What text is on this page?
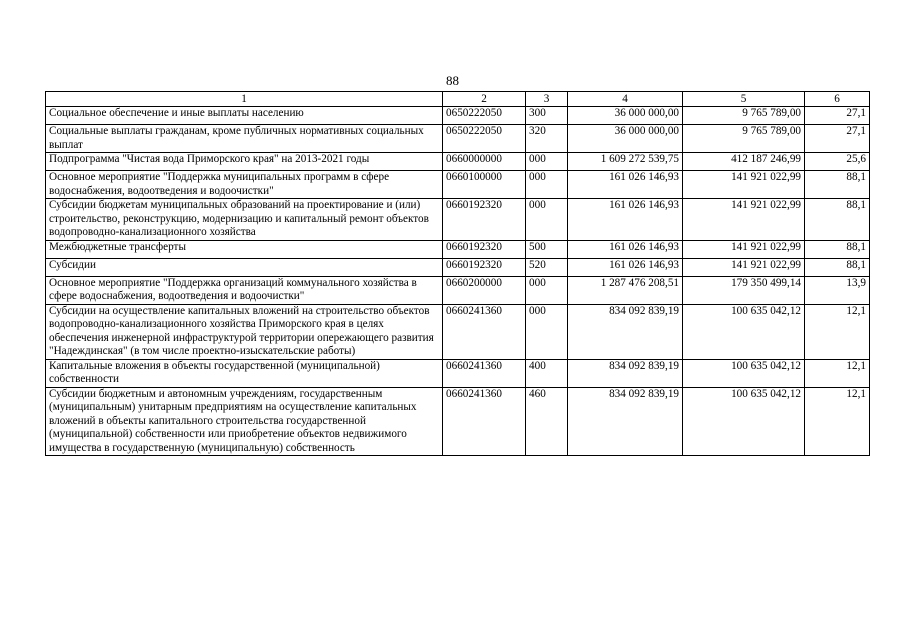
88
1	2	3	4	5	6
Социальное обеспечение и иные выплаты населению	0650222050	300	36 000 000,00	9 765 789,00	27,1
Социальные выплаты гражданам, кроме публичных нормативных социальных выплат	0650222050	320	36 000 000,00	9 765 789,00	27,1
Подпрограмма "Чистая вода Приморского края" на 2013-2021 годы	0660000000	000	1 609 272 539,75	412 187 246,99	25,6
Основное мероприятие "Поддержка муниципальных программ в сфере водоснабжения, водоотведения и водоочистки"	0660100000	000	161 026 146,93	141 921 022,99	88,1
Субсидии бюджетам муниципальных образований на проектирование и (или) строительство, реконструкцию, модернизацию и капитальный ремонт объектов водопроводно-канализационного хозяйства	0660192320	000	161 026 146,93	141 921 022,99	88,1
Межбюджетные трансферты	0660192320	500	161 026 146,93	141 921 022,99	88,1
Субсидии	0660192320	520	161 026 146,93	141 921 022,99	88,1
Основное мероприятие "Поддержка организаций коммунального хозяйства в сфере водоснабжения, водоотведения и водоочистки"	0660200000	000	1 287 476 208,51	179 350 499,14	13,9
Субсидии на осуществление капитальных вложений на строительство объектов водопроводно-канализационного хозяйства Приморского края в целях обеспечения инженерной инфраструктурой территории опережающего развития "Надеждинская" (в том числе проектно-изыскательские работы)	0660241360	000	834 092 839,19	100 635 042,12	12,1
Капитальные вложения в объекты государственной (муниципальной) собственности	0660241360	400	834 092 839,19	100 635 042,12	12,1
Субсидии бюджетным и автономным учреждениям, государственным (муниципальным) унитарным предприятиям на осуществление капитальных вложений в объекты капитального строительства государственной (муниципальной) собственности или приобретение объектов недвижимого имущества в государственную (муниципальную) собственность	0660241360	460	834 092 839,19	100 635 042,12	12,1
